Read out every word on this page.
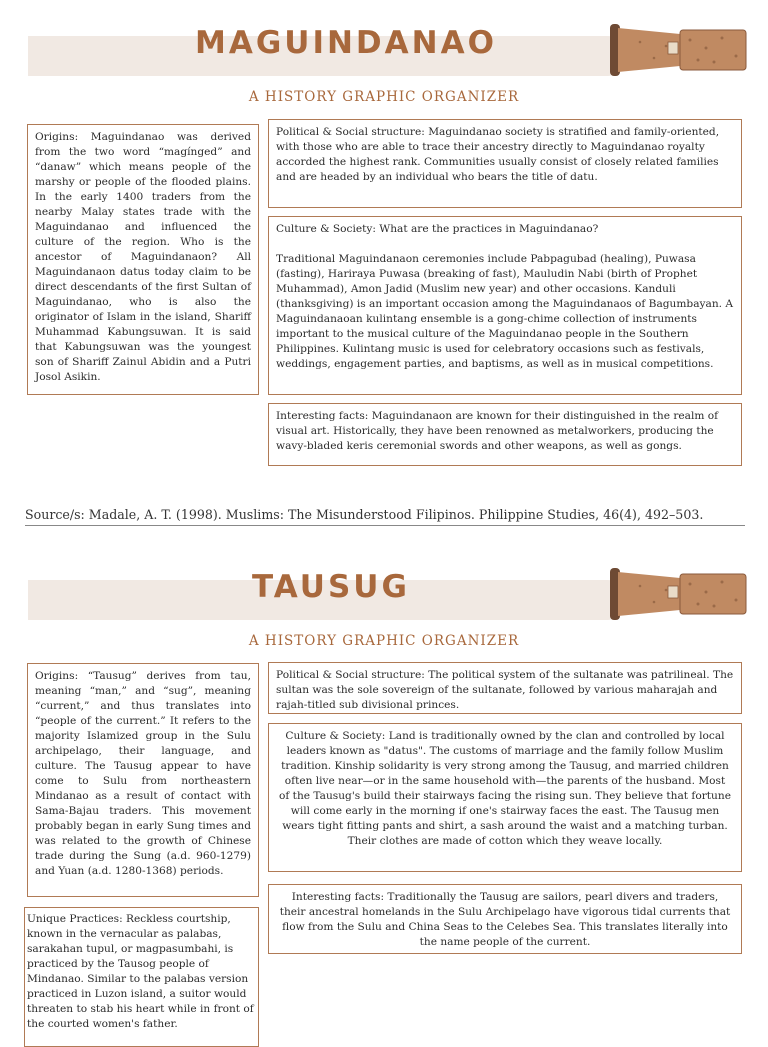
MAGUINDANAO
A HISTORY GRAPHIC ORGANIZER

Origins: Maguindanao was derived from the two word “magínged” and “danaw” which means people of the marshy or people of the flooded plains. In the early 1400 traders from the nearby Malay states trade with the Maguindanao and influenced the culture of the region. Who is the ancestor of Maguindanaon? All Maguindanaon datus today claim to be direct descendants of the first Sultan of Maguindanao, who is also the originator of Islam in the island, Shariff Muhammad Kabungsuwan. It is said that Kabungsuwan was the youngest son of Shariff Zainul Abidin and a Putri Josol Asikin.

Political & Social structure: Maguindanao society is stratified and family-oriented, with those who are able to trace their ancestry directly to Maguindanao royalty accorded the highest rank. Communities usually consist of closely related families and are headed by an individual who bears the title of datu.

Culture & Society: What are the practices in Maguindanao?

Traditional Maguindanaon ceremonies include Pabpagubad (healing), Puwasa (fasting), Hariraya Puwasa (breaking of fast), Mauludin Nabi (birth of Prophet Muhammad), Amon Jadid (Muslim new year) and other occasions. Kanduli (thanksgiving) is an important occasion among the Maguindanaos of Bagumbayan. A Maguindanaoan kulintang ensemble is a gong-chime collection of instruments important to the musical culture of the Maguindanao people in the Southern Philippines. Kulintang music is used for celebratory occasions such as festivals, weddings, engagement parties, and baptisms, as well as in musical competitions.

Interesting facts: Maguindanaon are known for their distinguished in the realm of visual art. Historically, they have been renowned as metalworkers, producing the wavy-bladed keris ceremonial swords and other weapons, as well as gongs.

Source/s: Madale, A. T. (1998). Muslims: The Misunderstood Filipinos. Philippine Studies, 46(4), 492–503.
TAUSUG
A HISTORY GRAPHIC ORGANIZER

Origins: “Tausug” derives from tau, meaning “man,” and “sug”, meaning “current,” and thus translates into “people of the current.” It refers to the majority Islamized group in the Sulu archipelago, their language, and culture. The Tausug appear to have come to Sulu from northeastern Mindanao as a result of contact with Sama-Bajau traders. This movement probably began in early Sung times and was related to the growth of Chinese trade during the Sung (a.d. 960-1279) and Yuan (a.d. 1280-1368) periods.

Unique Practices: Reckless courtship, known in the vernacular as palabas, sarakahan tupul, or magpasumbahi, is practiced by the Tausog people of Mindanao. Similar to the palabas version practiced in Luzon island, a suitor would threaten to stab his heart while in front of the courted women's father.

Political & Social structure: The political system of the sultanate was patrilineal. The sultan was the sole sovereign of the sultanate, followed by various maharajah and rajah-titled sub divisional princes.

Culture & Society: Land is traditionally owned by the clan and controlled by local leaders known as "datus". The customs of marriage and the family follow Muslim tradition. Kinship solidarity is very strong among the Tausug, and married children often live near—or in the same household with—the parents of the husband. Most of the Tausug's build their stairways facing the rising sun. They believe that fortune will come early in the morning if one's stairway faces the east. The Tausug men wears tight fitting pants and shirt, a sash around the waist and a matching turban. Their clothes are made of cotton which they weave locally.

Interesting facts: Traditionally the Tausug are sailors, pearl divers and traders, their ancestral homelands in the Sulu Archipelago have vigorous tidal currents that flow from the Sulu and China Seas to the Celebes Sea. This translates literally into the name people of the current.
